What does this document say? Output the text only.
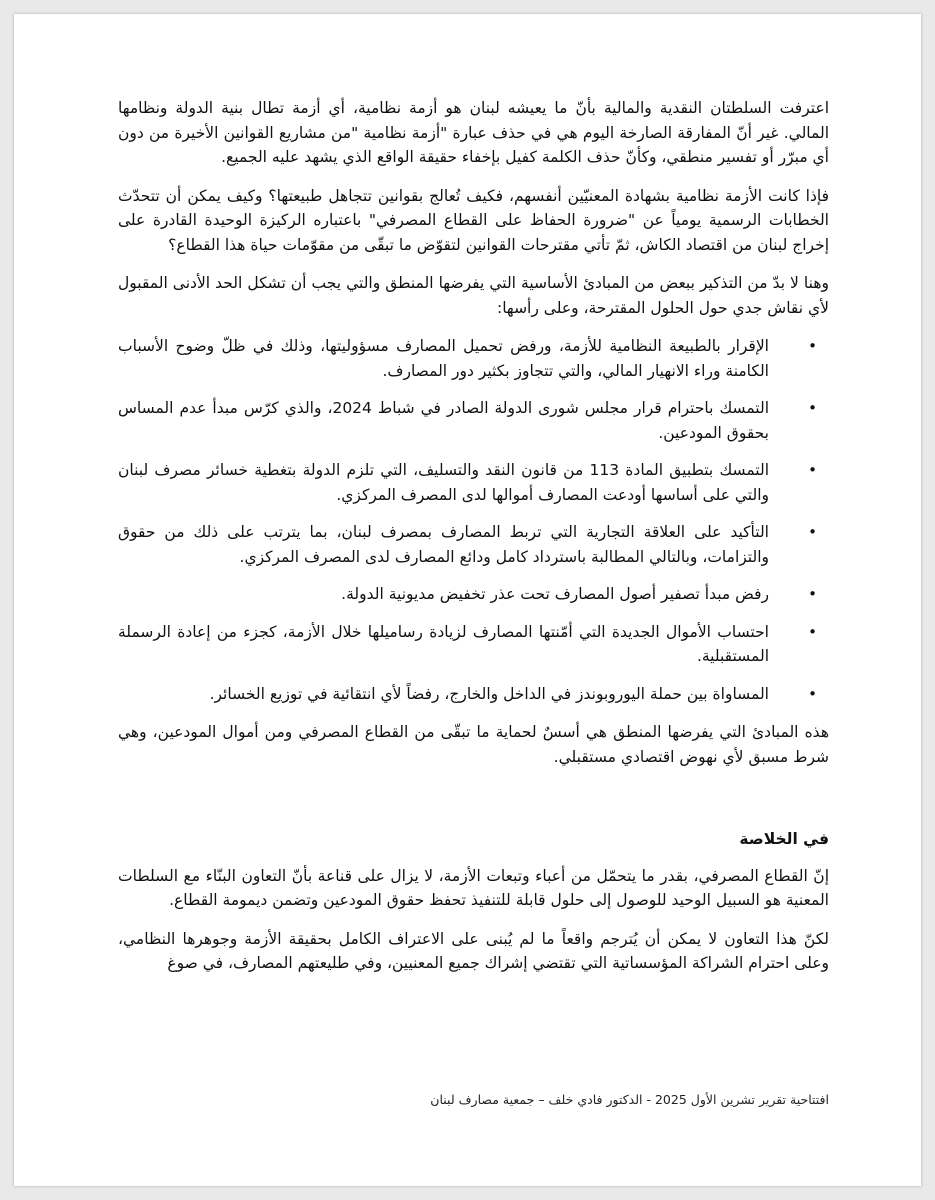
اعترفت السلطتان النقدية والمالية بأنّ ما يعيشه لبنان هو أزمة نظامية، أي أزمة تطال بنية الدولة ونظامها المالي. غير أنّ المفارقة الصارخة اليوم هي في حذف عبارة "أزمة نظامية "من مشاريع القوانين الأخيرة من دون أي مبرّر أو تفسير منطقي، وكأنّ حذف الكلمة كفيل بإخفاء حقيقة الواقع الذي يشهد عليه الجميع.

فإذا كانت الأزمة نظامية بشهادة المعنيّين أنفسهم، فكيف تُعالج بقوانين تتجاهل طبيعتها؟ وكيف يمكن أن تتحدّث الخطابات الرسمية يومياً عن "ضرورة الحفاظ على القطاع المصرفي" باعتباره الركيزة الوحيدة القادرة على إخراج لبنان من اقتصاد الكاش، ثمّ تأتي مقترحات القوانين لتقوّض ما تبقّى من مقوّمات حياة هذا القطاع؟

وهنا لا بدّ من التذكير ببعض من المبادئ الأساسية التي يفرضها المنطق والتي يجب أن تشكل الحد الأدنى المقبول لأي نقاش جدي حول الحلول المقترحة، وعلى رأسها:

•
الإقرار بالطبيعة النظامية للأزمة، ورفض تحميل المصارف مسؤوليتها، وذلك في ظلّ وضوح الأسباب الكامنة وراء الانهيار المالي، والتي تتجاوز بكثير دور المصارف.
•
التمسك باحترام قرار مجلس شورى الدولة الصادر في شباط 2024، والذي كرّس مبدأ عدم المساس بحقوق المودعين.
•
التمسك بتطبيق المادة 113 من قانون النقد والتسليف، التي تلزم الدولة بتغطية خسائر مصرف لبنان والتي على أساسها أودعت المصارف أموالها لدى المصرف المركزي.
•
التأكيد على العلاقة التجارية التي تربط المصارف بمصرف لبنان، بما يترتب على ذلك من حقوق والتزامات، وبالتالي المطالبة باسترداد كامل ودائع المصارف لدى المصرف المركزي.
•
رفض مبدأ تصفير أصول المصارف تحت عذر تخفيض مديونية الدولة.
•
احتساب الأموال الجديدة التي أمّنتها المصارف لزيادة رساميلها خلال الأزمة، كجزء من إعادة الرسملة المستقبلية.
•
المساواة بين حملة اليوروبوندز في الداخل والخارج، رفضاً لأي انتقائية في توزيع الخسائر.

هذه المبادئ التي يفرضها المنطق هي أسسٌ لحماية ما تبقّى من القطاع المصرفي ومن أموال المودعين، وهي شرط مسبق لأي نهوض اقتصادي مستقبلي.

في الخلاصة

إنّ القطاع المصرفي، بقدر ما يتحمّل من أعباء وتبعات الأزمة، لا يزال على قناعة بأنّ التعاون البنّاء مع السلطات المعنية هو السبيل الوحيد للوصول إلى حلول قابلة للتنفيذ تحفظ حقوق المودعين وتضمن ديمومة القطاع.

لكنّ هذا التعاون لا يمكن أن يُترجم واقعاً ما لم يُبنى على الاعتراف الكامل بحقيقة الأزمة وجوهرها النظامي، وعلى احترام الشراكة المؤسساتية التي تقتضي إشراك جميع المعنيين، وفي طليعتهم المصارف، في صوغ

افتتاحية تقرير تشرين الأول 2025 - الدكتور فادي خلف – جمعية مصارف لبنان
